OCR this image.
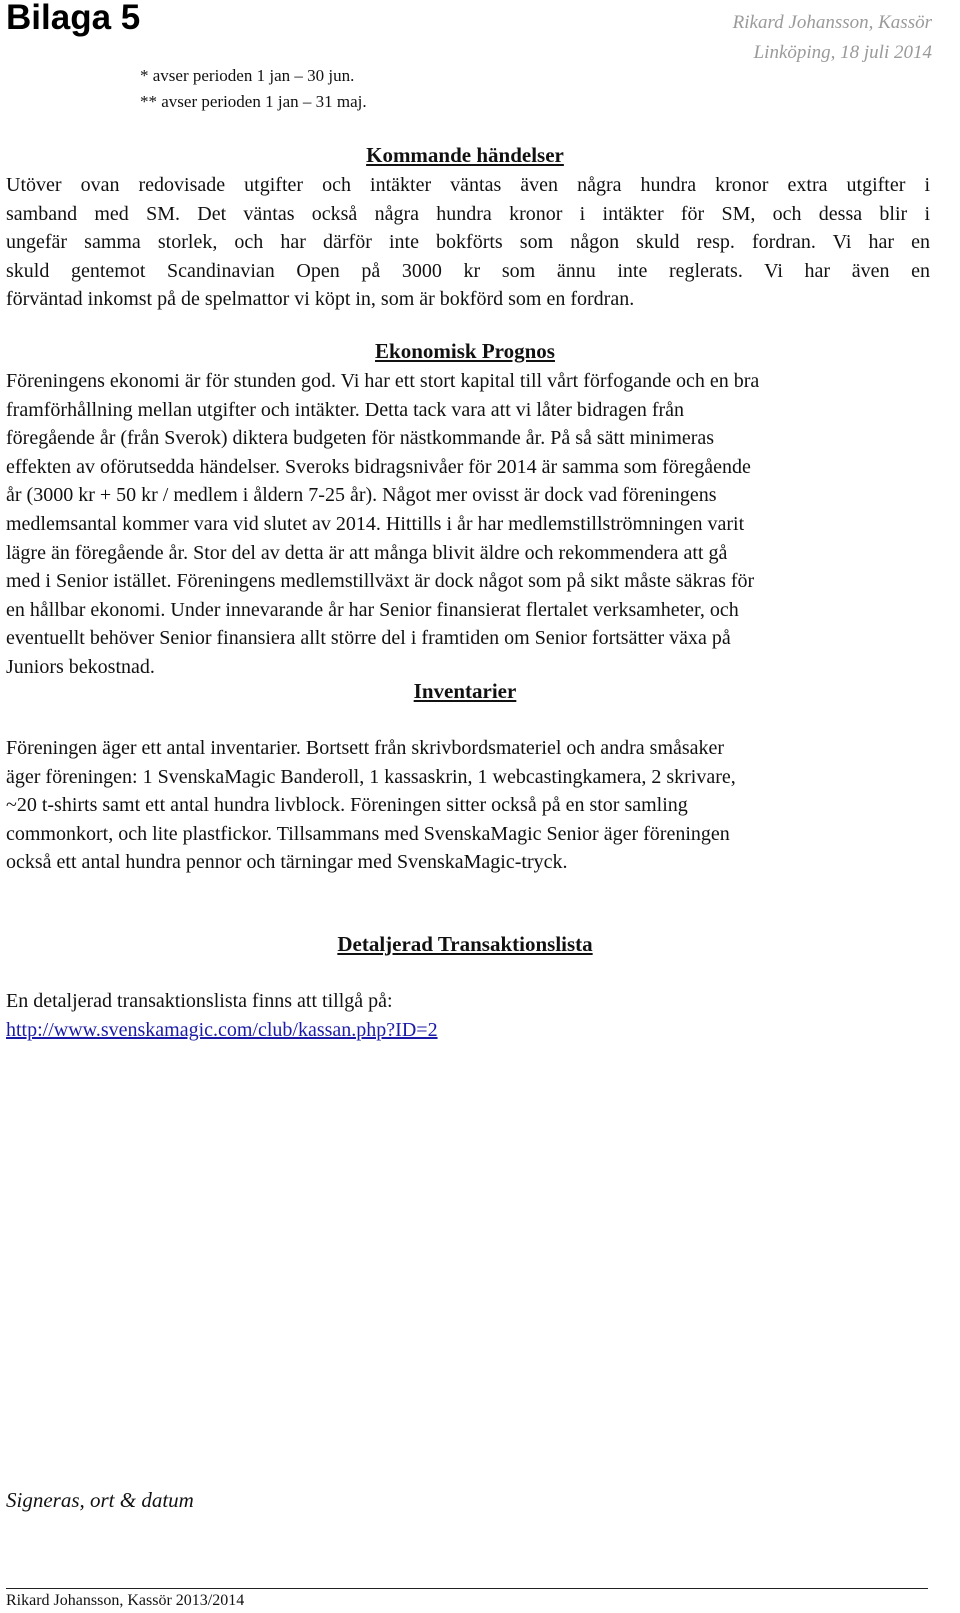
Bilaga 5	Rikard Johansson, Kassör
Linköping, 18 juli 2014
* avser perioden 1 jan – 30 jun.
** avser perioden 1 jan – 31 maj.
Kommande händelser
Utöver ovan redovisade utgifter och intäkter väntas även några hundra kronor extra utgifter i
samband med SM. Det väntas också några hundra kronor i intäkter för SM, och dessa blir i
ungefär samma storlek, och har därför inte bokförts som någon skuld resp. fordran. Vi har en
skuld gentemot Scandinavian Open på 3000 kr som ännu inte reglerats. Vi har även en
förväntad inkomst på de spelmattor vi köpt in, som är bokförd som en fordran.
Ekonomisk Prognos
Föreningens ekonomi är för stunden god. Vi har ett stort kapital till vårt förfogande och en bra
framförhållning mellan utgifter och intäkter. Detta tack vara att vi låter bidragen från
föregående år (från Sverok) diktera budgeten för nästkommande år. På så sätt minimeras
effekten av oförutsedda händelser. Sveroks bidragsnivåer för 2014 är samma som föregående
år (3000 kr + 50 kr / medlem i åldern 7-25 år). Något mer ovisst är dock vad föreningens
medlemsantal kommer vara vid slutet av 2014. Hittills i år har medlemstillströmningen varit
lägre än föregående år. Stor del av detta är att många blivit äldre och rekommendera att gå
med i Senior istället. Föreningens medlemstillväxt är dock något som på sikt måste säkras för
en hållbar ekonomi. Under innevarande år har Senior finansierat flertalet verksamheter, och
eventuellt behöver Senior finansiera allt större del i framtiden om Senior fortsätter växa på
Juniors bekostnad.
Inventarier
Föreningen äger ett antal inventarier. Bortsett från skrivbordsmateriel och andra småsaker
äger föreningen: 1 SvenskaMagic Banderoll, 1 kassaskrin, 1 webcastingkamera, 2 skrivare,
~20 t-shirts samt ett antal hundra livblock. Föreningen sitter också på en stor samling
commonkort, och lite plastfickor. Tillsammans med SvenskaMagic Senior äger föreningen
också ett antal hundra pennor och tärningar med SvenskaMagic-tryck.
Detaljerad Transaktionslista
En detaljerad transaktionslista finns att tillgå på:
http://www.svenskamagic.com/club/kassan.php?ID=2
Signeras, ort & datum
Rikard Johansson, Kassör 2013/2014
